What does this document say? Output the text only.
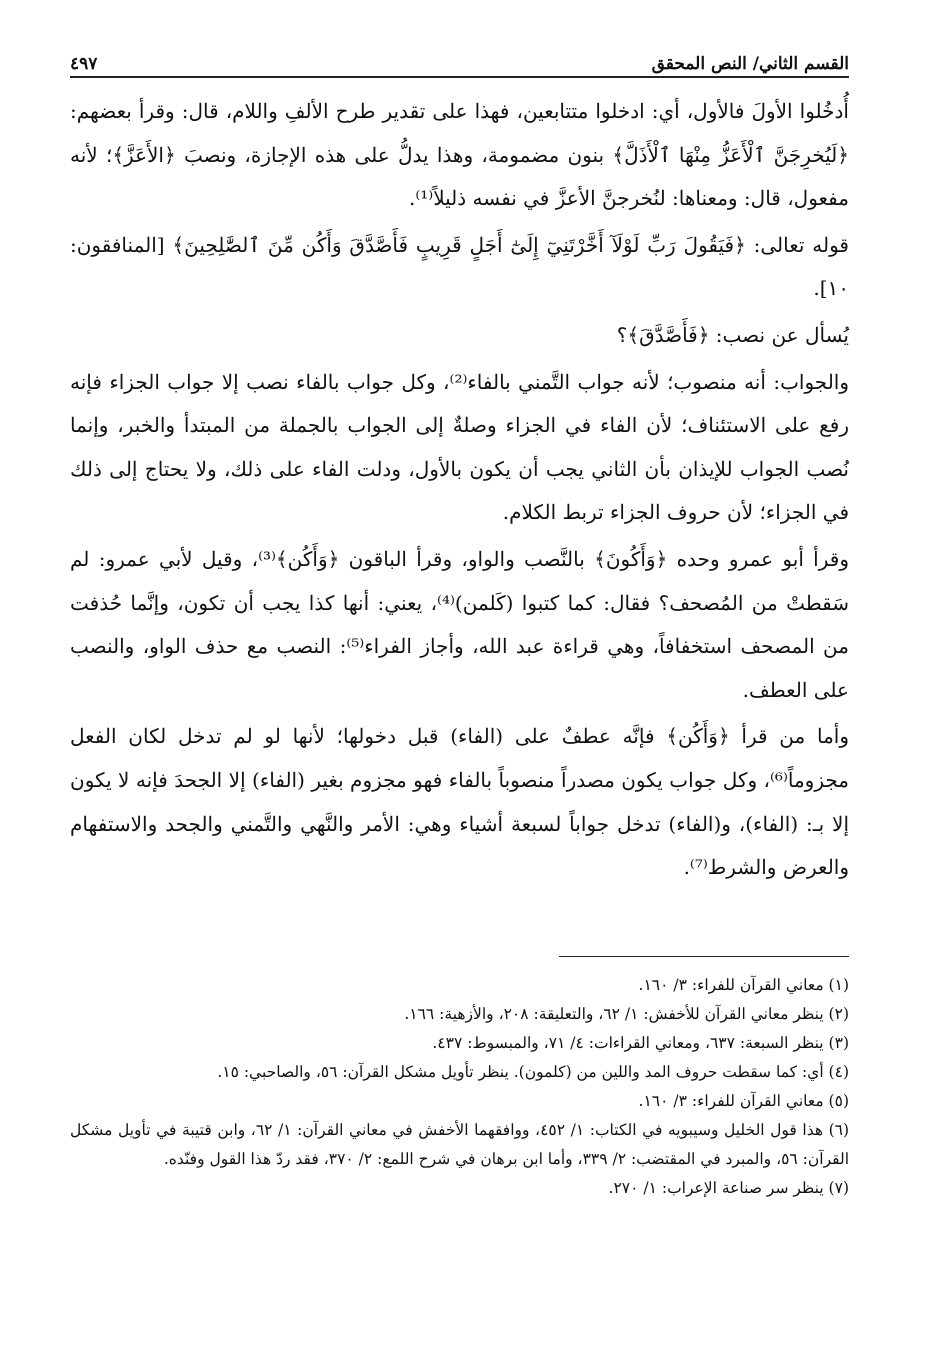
القسم الثاني/ النص المحقق
٤٩٧

أُدخُلوا الأولَ فالأول، أي: ادخلوا متتابعين، فهذا على تقدير طرح الألفِ واللام، قال: وقرأ بعضهم: ﴿لَيُخرِجَنَّ ٱلْأَعَزُّ مِنْهَا ٱلْأَذَلَّ﴾ بنون مضمومة، وهذا يدلُّ على هذه الإجازة، ونصبَ ﴿الأَعَزَّ﴾؛ لأنه مفعول، قال: ومعناها: لنُخرجنَّ الأعزَّ في نفسه ذليلاً⁽¹⁾.

قوله تعالى: ﴿فَيَقُولَ رَبِّ لَوْلَآ أَخَّرْتَنِيٓ إِلَىٰٓ أَجَلٍ قَرِيبٍ فَأَصَّدَّقَ وَأَكُن مِّنَ ٱلصَّٰلِحِينَ﴾ [المنافقون: ١٠].

يُسأل عن نصب: ﴿فَأَصَّدَّقَ﴾؟

والجواب: أنه منصوب؛ لأنه جواب التَّمني بالفاء⁽²⁾، وكل جواب بالفاء نصب إلا جواب الجزاء فإنه رفع على الاستئناف؛ لأن الفاء في الجزاء وصلةٌ إلى الجواب بالجملة من المبتدأ والخبر، وإنما نُصب الجواب للإيذان بأن الثاني يجب أن يكون بالأول، ودلت الفاء على ذلك، ولا يحتاج إلى ذلك في الجزاء؛ لأن حروف الجزاء تربط الكلام.

وقرأ أبو عمرو وحده ﴿وَأَكُونَ﴾ بالنَّصب والواو، وقرأ الباقون ﴿وَأَكُن﴾⁽³⁾، وقيل لأبي عمرو: لم سَقطتْ من المُصحف؟ فقال: كما كتبوا (كَلمن)⁽⁴⁾، يعني: أنها كذا يجب أن تكون، وإنَّما حُذفت من المصحف استخفافاً، وهي قراءة عبد الله، وأجاز الفراء⁽⁵⁾: النصب مع حذف الواو، والنصب على العطف.

وأما من قرأ ﴿وَأَكُن﴾ فإنَّه عطفٌ على (الفاء) قبل دخولها؛ لأنها لو لم تدخل لكان الفعل مجزوماً⁽⁶⁾، وكل جواب يكون مصدراً منصوباً بالفاء فهو مجزوم بغير (الفاء) إلا الجحدَ فإنه لا يكون إلا بـ: (الفاء)، و(الفاء) تدخل جواباً لسبعة أشياء وهي: الأمر والنَّهي والتَّمني والجحد والاستفهام والعرض والشرط⁽⁷⁾.

(١) معاني القرآن للفراء: ٣/ ١٦٠.

(٢) ينظر معاني القرآن للأخفش: ١/ ٦٢، والتعليقة: ٢٠٨، والأزهية: ١٦٦.

(٣) ينظر السبعة: ٦٣٧، ومعاني القراءات: ٤/ ٧١، والمبسوط: ٤٣٧.

(٤) أي: كما سقطت حروف المد واللين من (كلمون). ينظر تأويل مشكل القرآن: ٥٦، والصاحبي: ١٥.

(٥) معاني القرآن للفراء: ٣/ ١٦٠.

(٦) هذا قول الخليل وسيبويه في الكتاب: ١/ ٤٥٢، ووافقهما الأخفش في معاني القرآن: ١/ ٦٢، وابن قتيبة في تأويل مشكل القرآن: ٥٦، والمبرد في المقتضب: ٢/ ٣٣٩، وأما ابن برهان في شرح اللمع: ٢/ ٣٧٠، فقد ردّ هذا القول وفنّده.

(٧) ينظر سر صناعة الإعراب: ١/ ٢٧٠.
